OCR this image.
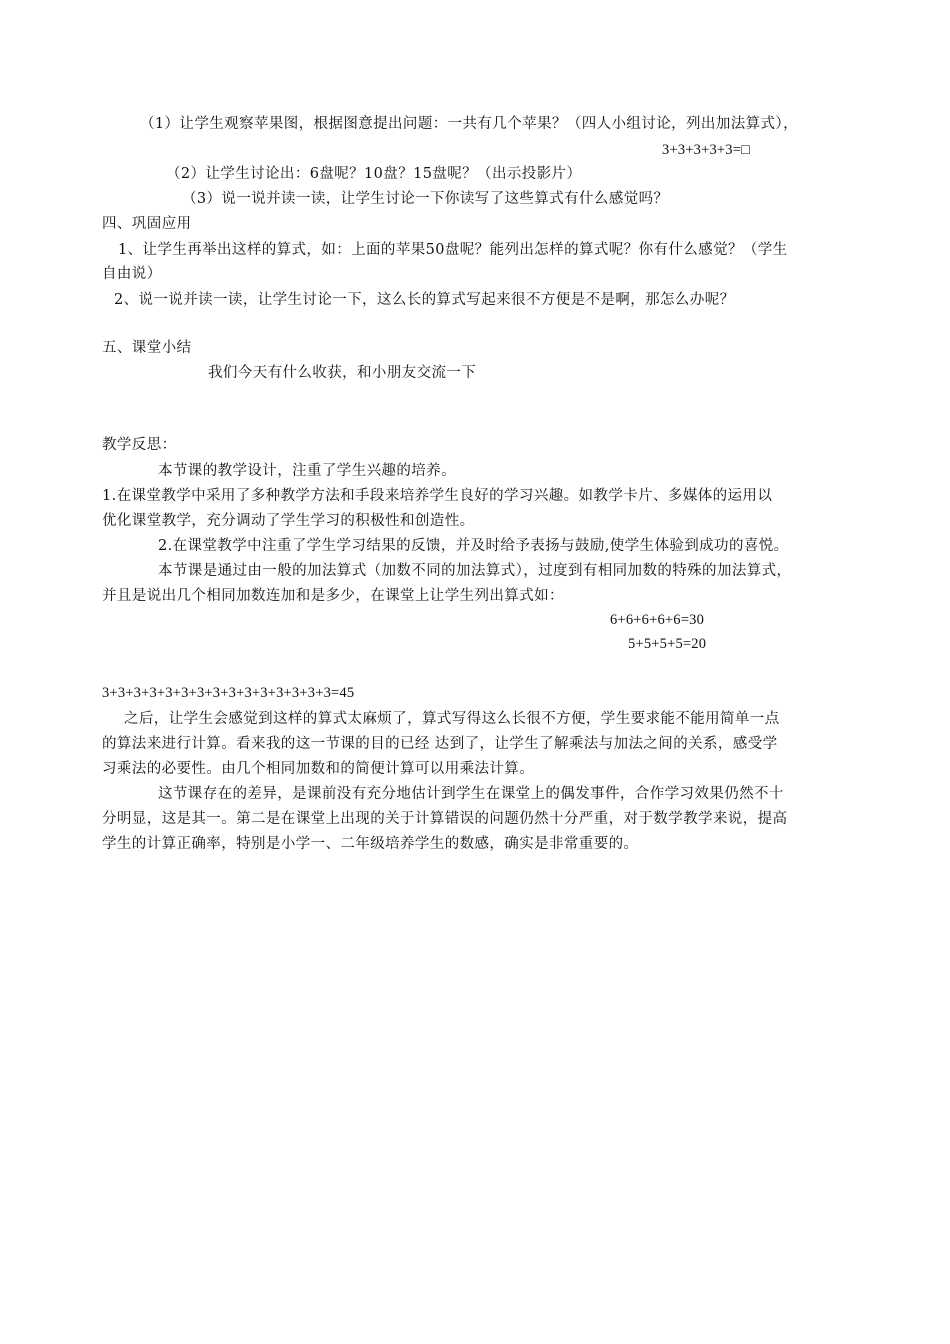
（1）让学生观察苹果图，根据图意提出问题：一共有几个苹果？（四人小组讨论，列出加法算式），
3+3+3+3+3=□
（2）让学生讨论出：6盘呢？10盘？15盘呢？（出示投影片）
（3）说一说并读一读，让学生讨论一下你读写了这些算式有什么感觉吗？
四、巩固应用
1、让学生再举出这样的算式，如：上面的苹果50盘呢？能列出怎样的算式呢？你有什么感觉？（学生
自由说）
2、说一说并读一读，让学生讨论一下，这么长的算式写起来很不方便是不是啊，那怎么办呢？
五、课堂小结
我们今天有什么收获，和小朋友交流一下
教学反思：
本节课的教学设计，注重了学生兴趣的培养。
1.在课堂教学中采用了多种教学方法和手段来培养学生良好的学习兴趣。如教学卡片、多媒体的运用以
优化课堂教学，充分调动了学生学习的积极性和创造性。
2.在课堂教学中注重了学生学习结果的反馈，并及时给予表扬与鼓励,使学生体验到成功的喜悦。
本节课是通过由一般的加法算式（加数不同的加法算式），过度到有相同加数的特殊的加法算式，
并且是说出几个相同加数连加和是多少，在课堂上让学生列出算式如：
6+6+6+6+6=30
5+5+5+5=20
3+3+3+3+3+3+3+3+3+3+3+3+3+3+3=45
之后，让学生会感觉到这样的算式太麻烦了，算式写得这么长很不方便，学生要求能不能用简单一点
的算法来进行计算。看来我的这一节课的目的已经 达到了，让学生了解乘法与加法之间的关系，感受学
习乘法的必要性。由几个相同加数和的简便计算可以用乘法计算。
这节课存在的差异，是课前没有充分地估计到学生在课堂上的偶发事件，合作学习效果仍然不十
分明显，这是其一。第二是在课堂上出现的关于计算错误的问题仍然十分严重，对于数学教学来说，提高
学生的计算正确率，特别是小学一、二年级培养学生的数感，确实是非常重要的。
